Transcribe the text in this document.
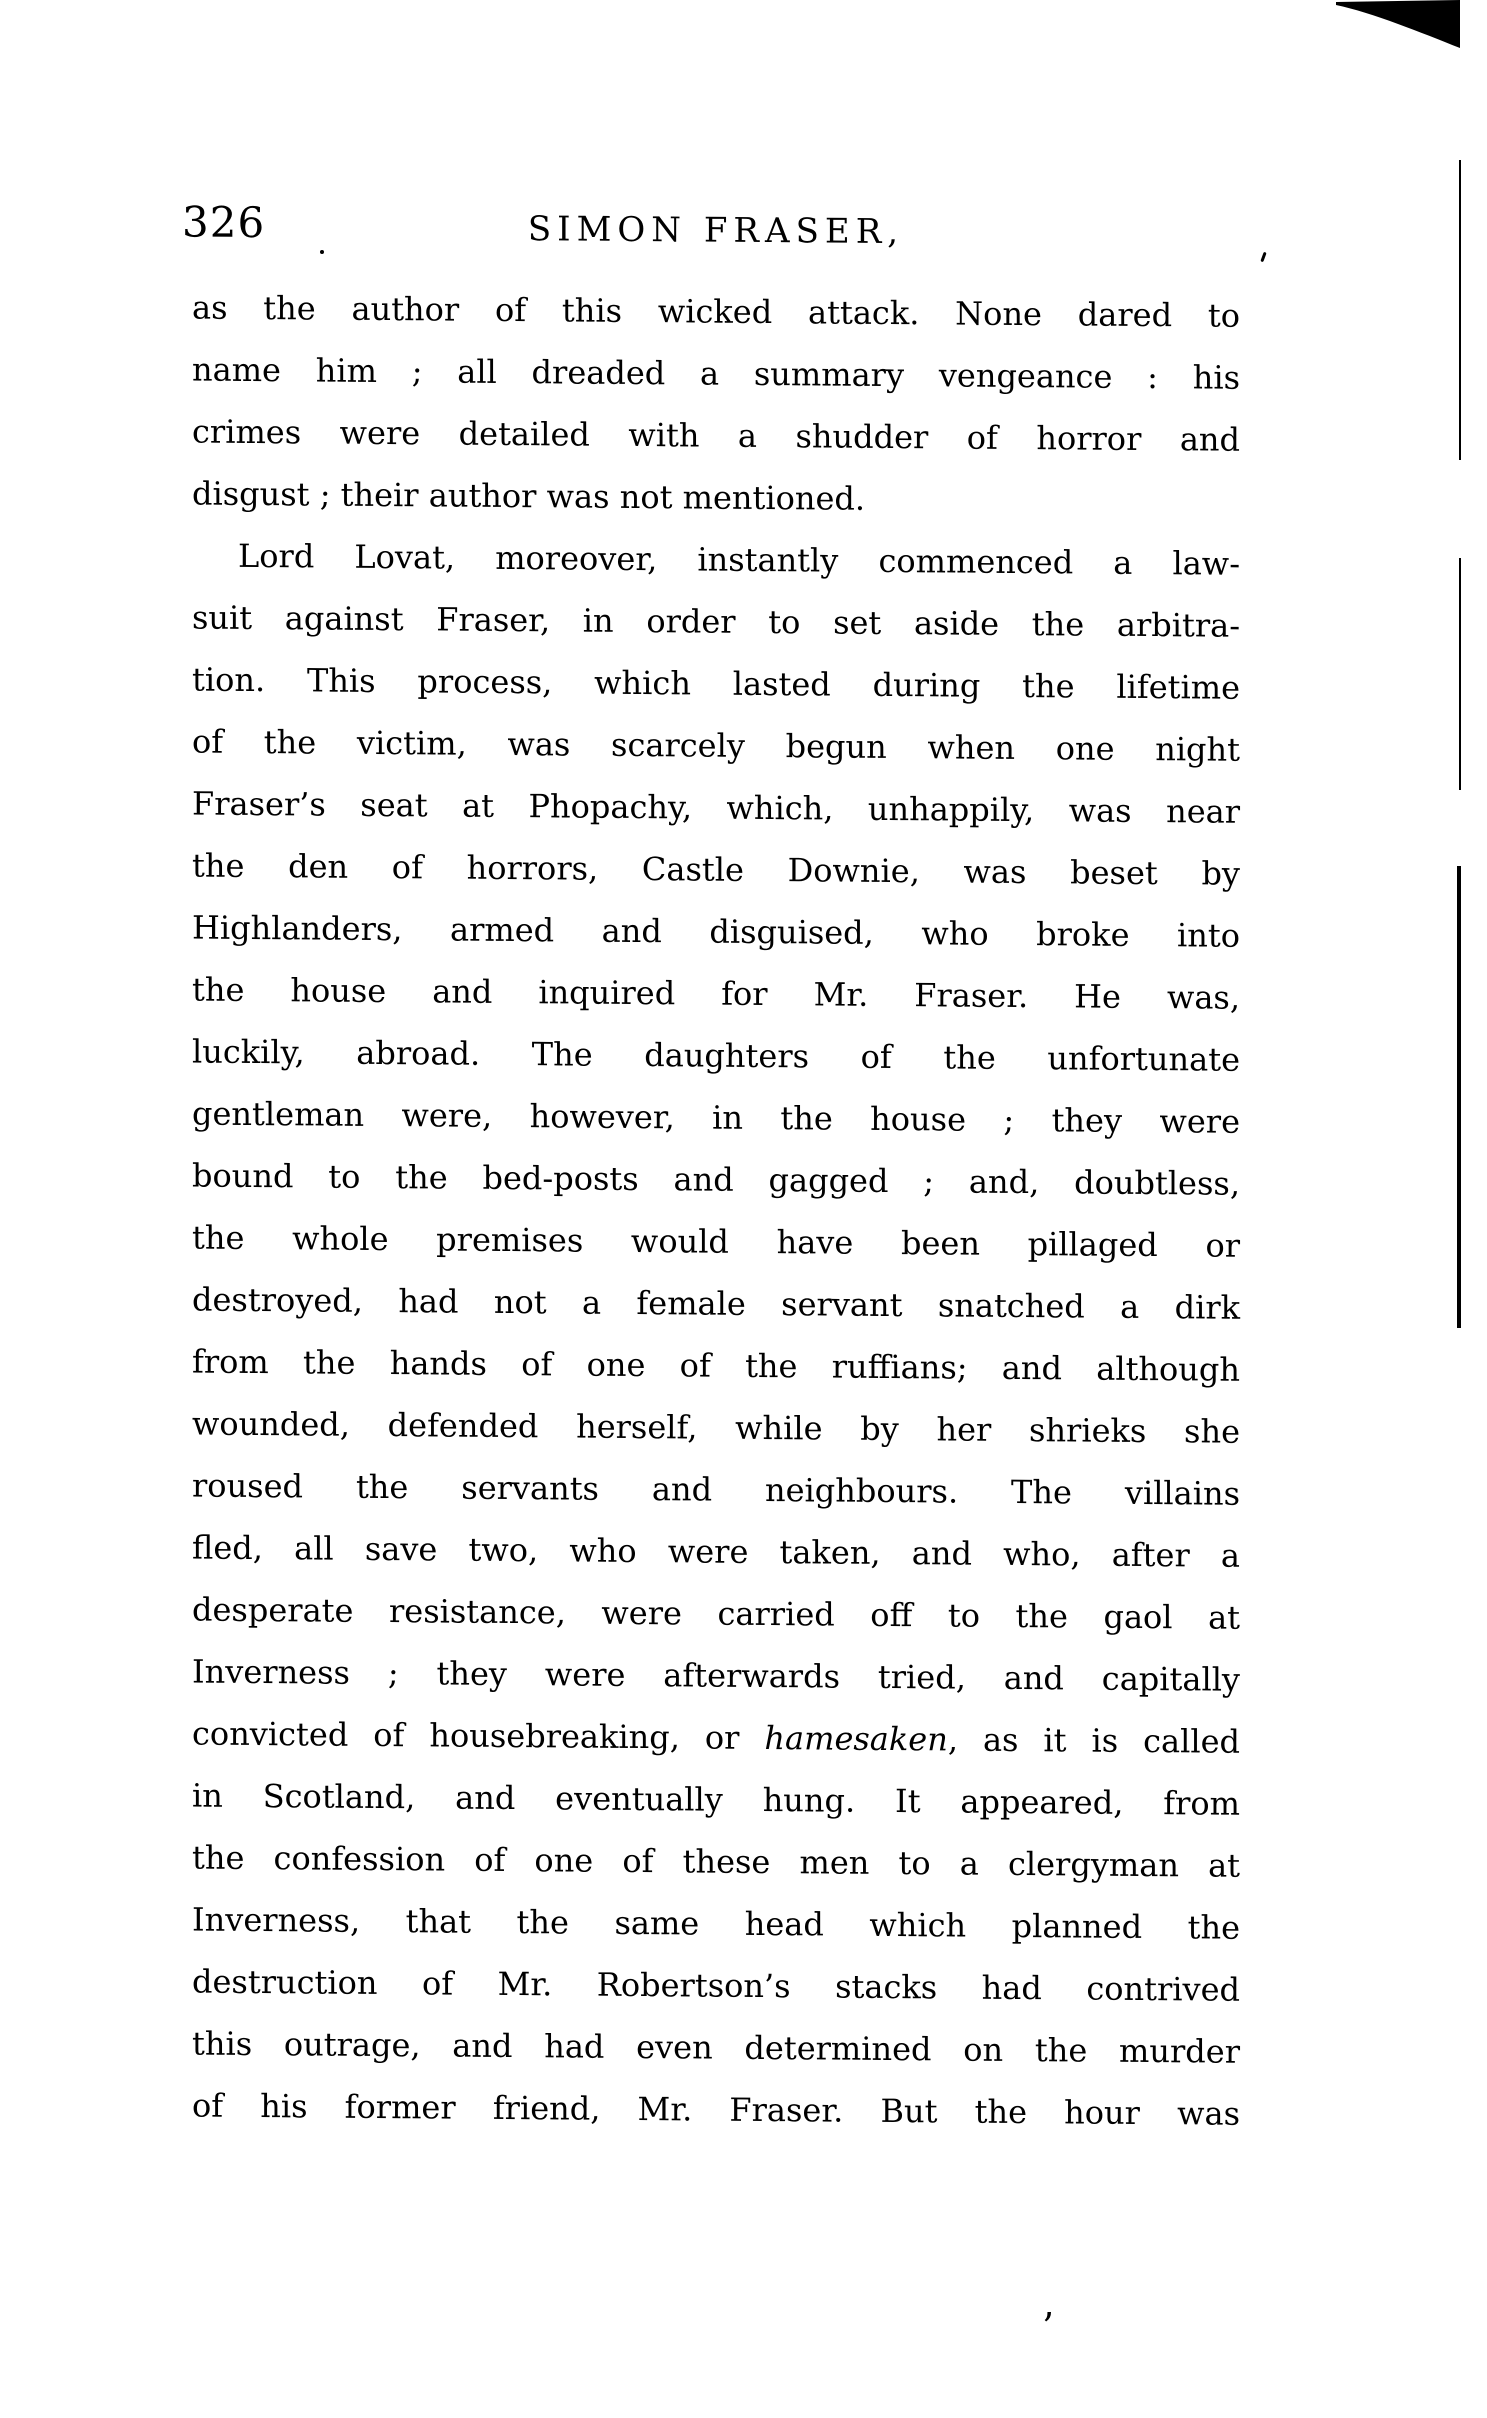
326	SIMON FRASER,
as the author of this wicked attack. None dared to
name him ; all dreaded a summary vengeance : his
crimes were detailed with a shudder of horror and
disgust ; their author was not mentioned.
Lord Lovat, moreover, instantly commenced a law-
suit against Fraser, in order to set aside the arbitra-
tion. This process, which lasted during the lifetime
of the victim, was scarcely begun when one night
Fraser’s seat at Phopachy, which, unhappily, was near
the den of horrors, Castle Downie, was beset by
Highlanders, armed and disguised, who broke into
the house and inquired for Mr. Fraser. He was,
luckily, abroad. The daughters of the unfortunate
gentleman were, however, in the house ; they were
bound to the bed-posts and gagged ; and, doubtless,
the whole premises would have been pillaged or
destroyed, had not a female servant snatched a dirk
from the hands of one of the ruffians; and although
wounded, defended herself, while by her shrieks she
roused the servants and neighbours. The villains
fled, all save two, who were taken, and who, after a
desperate resistance, were carried off to the gaol at
Inverness ; they were afterwards tried, and capitally
convicted of housebreaking, or hamesaken, as it is called
in Scotland, and eventually hung. It appeared, from
the confession of one of these men to a clergyman at
Inverness, that the same head which planned the
destruction of Mr. Robertson’s stacks had contrived
this outrage, and had even determined on the murder
of his former friend, Mr. Fraser. But the hour was
’
